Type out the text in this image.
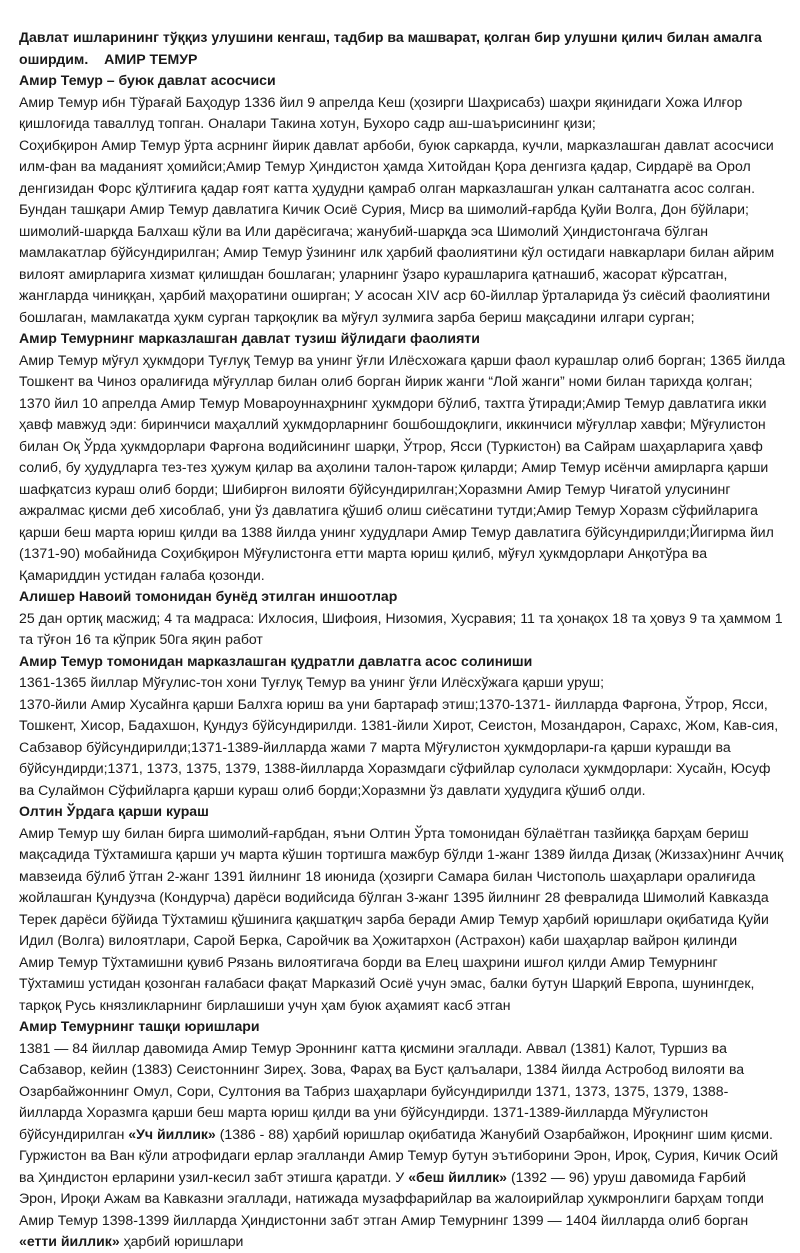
Давлат ишларининг тўққиз улушини кенгаш, тадбир ва машварат, қолган бир улушни қилич билан амалга оширдим. АМИР ТЕМУР

Амир Темур – буюк давлат асосчиси

Амир Темур ибн Тўрағай Баҳодур 1336 йил 9 апрелда Кеш (ҳозирги Шаҳрисабз) шаҳри яқинидаги Хожа Илғор қишлоғида таваллуд топган. Оналари Такина хотун, Бухоро садр аш-шаърисининг қизи;

Соҳибқирон Амир Темур ўрта асрнинг йирик давлат арбоби, буюк саркарда, кучли, марказлашган давлат асосчиси илм-фан ва маданият ҳомийси;Амир Темур Ҳиндистон ҳамда Хитойдан Қора денгизга қадар, Сирдарё ва Орол денгизидан Форс қўлтиғига қадар ғоят катта ҳудудни қамраб олган марказлашган улкан салтанатга асос солган. Бундан ташқари Амир Темур давлатига Кичик Осиё Сурия, Миср ва шимолий-ғарбда Қуйи Волга, Дон бўйлари; шимолий-шарқда Балхаш кўли ва Или дарёсигача; жанубий-шарқда эса Шимолий Ҳиндистонгача бўлган мамлакатлар бўйсундирилган; Амир Темур ўзининг илк ҳарбий фаолиятини кўл остидаги навкарлари билан айрим вилоят амирларига хизмат қилишдан бошлаган; уларнинг ўзаро курашларига қатнашиб, жасорат кўрсатган, жангларда чиниққан, ҳарбий маҳоратини оширган; У асосан XIV аср 60-йиллар ўрталарида ўз сиёсий фаолиятини бошлаган, мамлакатда ҳукм сурган тарқоқлик ва мўғул зулмига зарба бериш мақсадини илгари сурган;

Амир Темурнинг марказлашган давлат тузиш йўлидаги фаолияти

Амир Темур мўғул ҳукмдори Туғлуқ Темур ва унинг ўғли Илёсхожага қарши фаол курашлар олиб борган; 1365 йилда Тошкент ва Чиноз оралиғида мўғуллар билан олиб борган йирик жанги “Лой жанги” номи билан тарихда қолган; 1370 йил 10 апрелда Амир Темур Мовароуннаҳрнинг ҳукмдори бўлиб, тахтга ўтиради;Амир Темур давлатига икки ҳавф мавжуд эди: биринчиси маҳаллий ҳукмдорларнинг бошбошдоқлиги, иккинчиси мўғуллар хавфи; Мўғулистон билан Оқ Ўрда ҳукмдорлари Фарғона водийсининг шарқи, Ўтрор, Ясси (Туркистон) ва Сайрам шаҳарларига ҳавф солиб, бу ҳудудларга тез-тез ҳужум қилар ва аҳолини талон-тарож қиларди; Амир Темур исёнчи амирларга қарши шафқатсиз кураш олиб борди; Шибирғон вилояти бўйсундирилган;Хоразмни Амир Темур Чиғатой улусининг ажралмас қисми деб хисоблаб, уни ўз давлатига қўшиб олиш сиёсатини тутди;Амир Темур Хоразм сўфийларига қарши беш марта юриш қилди ва 1388 йилда унинг худудлари Амир Темур давлатига бўйсундирилди;Йигирма йил (1371-90) мобайнида Соҳибқирон Мўғулистонга етти марта юриш қилиб, мўғул ҳукмдорлари Анқотўра ва Қамариддин устидан ғалаба қозонди.

Алишер Навоий томонидан бунёд этилган иншоотлар

25 дан ортиқ масжид; 4 та мадраса: Ихлосия, Шифоия, Низомия, Хусравия; 11 та ҳонақох 18 та ҳовуз 9 та ҳаммом 1 та тўғон 16 та кўприк 50га яқин работ

Амир Темур томонидан марказлашган қудратли давлатга асос солиниши

1361-1365 йиллар Мўғулис-тон хони Туғлуқ Темур ва унинг ўғли Илёсхўжага қарши уруш;

1370-йили Амир Хусайнга қарши Балхга юриш ва уни бартараф этиш;1370-1371- йилларда Фарғона, Ўтрор, Ясси, Тошкент, Хисор, Бадахшон, Қундуз бўйсундирилди. 1381-йили Хирот, Сеистон, Мозандарон, Сарахс, Жом, Кав-сия, Сабзавор бўйсундирилди;1371-1389-йилларда жами 7 марта Мўғулистон ҳукмдорлари-га қарши курашди ва бўйсундирди;1371, 1373, 1375, 1379, 1388-йилларда Хоразмдаги сўфийлар сулоласи ҳукмдорлари: Хусайн, Юсуф ва Сулаймон Сўфийларга қарши кураш олиб борди;Хоразмни ўз давлати ҳудудига қўшиб олди.

Олтин Ўрдага қарши кураш

Амир Темур шу билан бирга шимолий-ғарбдан, яъни Олтин Ўрта томонидан бўлаётган тазйиққа барҳам бериш мақсадида Тўхтамишга қарши уч марта кўшин тортишга мажбур бўлди 1-жанг 1389 йилда Дизақ (Жиззах)нинг Аччиқ мавзеида бўлиб ўтган 2-жанг 1391 йилнинг 18 июнида (ҳозирги Самара билан Чистополь шаҳарлари оралиғида жойлашган Қундузча (Кондурча) дарёси водийсида бўлган 3-жанг 1395 йилнинг 28 февралида Шимолий Кавказда Терек дарёси бўйида Тўхтамиш қўшинига қақшатқич зарба беради Амир Темур ҳарбий юришлари оқибатида Қуйи Идил (Волга) вилоятлари, Сарой Берка, Саройчик ва Ҳожитархон (Астрахон) каби шаҳарлар вайрон қилинди

Амир Темур Тўхтамишни қувиб Рязань вилоятигача борди ва Елец шаҳрини ишғол қилди Амир Темурнинг Тўхтамиш устидан қозонган ғалабаси фақат Марказий Осиё учун эмас, балки бутун Шарқий Европа, шунингдек, тарқоқ Русь князликларнинг бирлашиши учун ҳам буюк аҳамият касб этган

Амир Темурнинг ташқи юришлари

1381 — 84 йиллар давомида Амир Темур Эроннинг катта қисмини эгаллади. Аввал (1381) Калот, Туршиз ва Сабзавор, кейин (1383) Сеистоннинг Зиреҳ. Зова, Фараҳ ва Буст қалъалари, 1384 йилда Астробод вилояти ва Озарбайжоннинг Омул, Сори, Султония ва Табриз шаҳарлари буйсундирилди 1371, 1373, 1375, 1379, 1388-йилларда Хоразмга қарши беш марта юриш қилди ва уни бўйсундирди. 1371-1389-йилларда Мўғулистон бўйсундирилган «Уч йиллик» (1386 - 88) ҳарбий юришлар оқибатида Жанубий Озарбайжон, Ироқнинг шим қисми. Гуржистон ва Ван кўли атрофидаги ерлар эгалланди Амир Темур бутун эътиборини Эрон, Ироқ, Сурия, Кичик Осий ва Ҳиндистон ерларини узил-кесил забт этишга қаратди. У «беш йиллик» (1392 — 96) уруш давомида Ғарбий Эрон, Ироқи Ажам ва Кавказни эгаллади, натижада музаффарийлар ва жалоирийлар ҳукмронлиги барҳам топди Амир Темур 1398-1399 йилларда Ҳиндистонни забт этган Амир Темурнинг 1399 — 1404 йилларда олиб борган «етти йиллик» ҳарбий юришлари
